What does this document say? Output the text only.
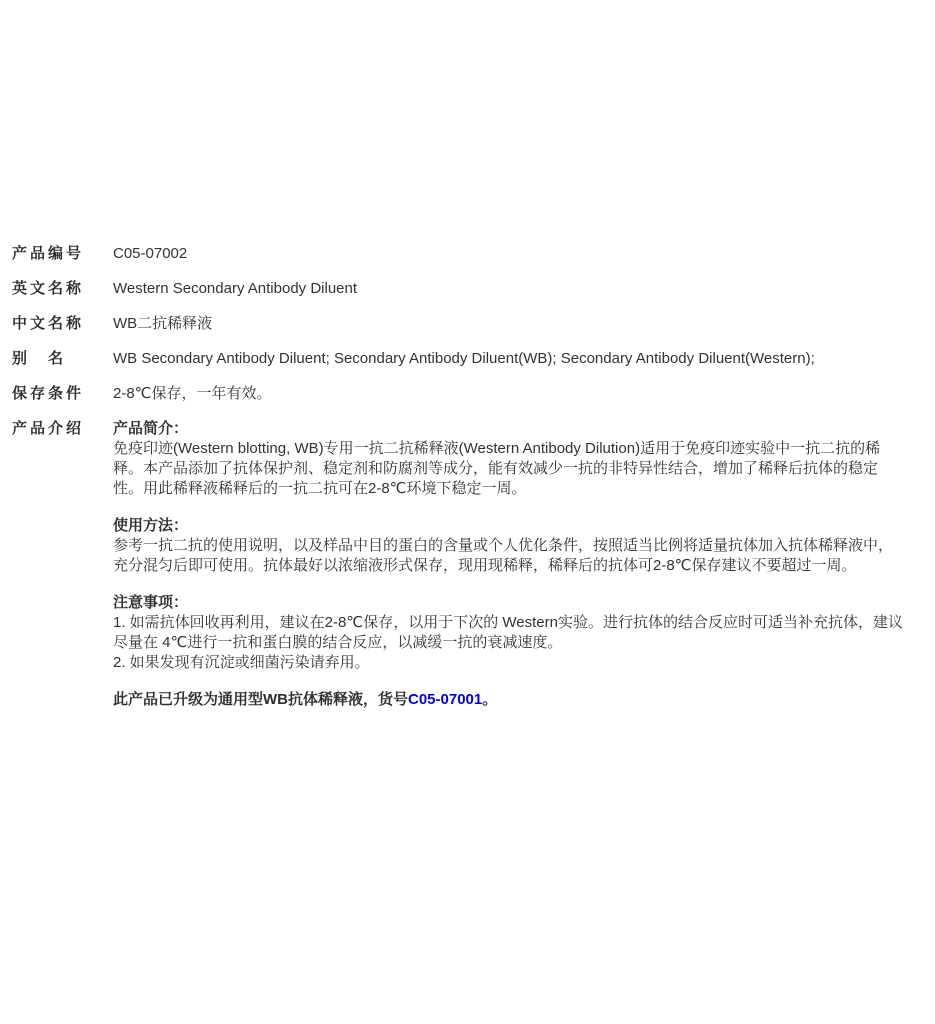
产品编号	C05-07002
英文名称	Western Secondary Antibody Diluent
中文名称	WB二抗稀释液
别　名	WB Secondary Antibody Diluent; Secondary Antibody Diluent(WB); Secondary Antibody Diluent(Western);
保存条件	2-8℃保存，一年有效。
产品介绍	产品简介：
免疫印迹(Western blotting, WB)专用一抗二抗稀释液(Western Antibody Dilution)适用于免疫印迹实验中一抗二抗的稀释。本产品添加了抗体保护剂、稳定剂和防腐剂等成分，能有效减少一抗的非特异性结合，增加了稀释后抗体的稳定性。用此稀释液稀释后的一抗二抗可在2-8℃环境下稳定一周。
使用方法：
参考一抗二抗的使用说明，以及样品中目的蛋白的含量或个人优化条件，按照适当比例将适量抗体加入抗体稀释液中，充分混匀后即可使用。抗体最好以浓缩液形式保存，现用现稀释，稀释后的抗体可2-8℃保存建议不要超过一周。
注意事项：
1. 如需抗体回收再利用，建议在2-8℃保存，以用于下次的 Western实验。进行抗体的结合反应时可适当补充抗体，建议尽量在 4℃进行一抗和蛋白膜的结合反应，以减缓一抗的衰减速度。
2. 如果发现有沉淀或细菌污染请弃用。
此产品已升级为通用型WB抗体稀释液，货号C05-07001。
